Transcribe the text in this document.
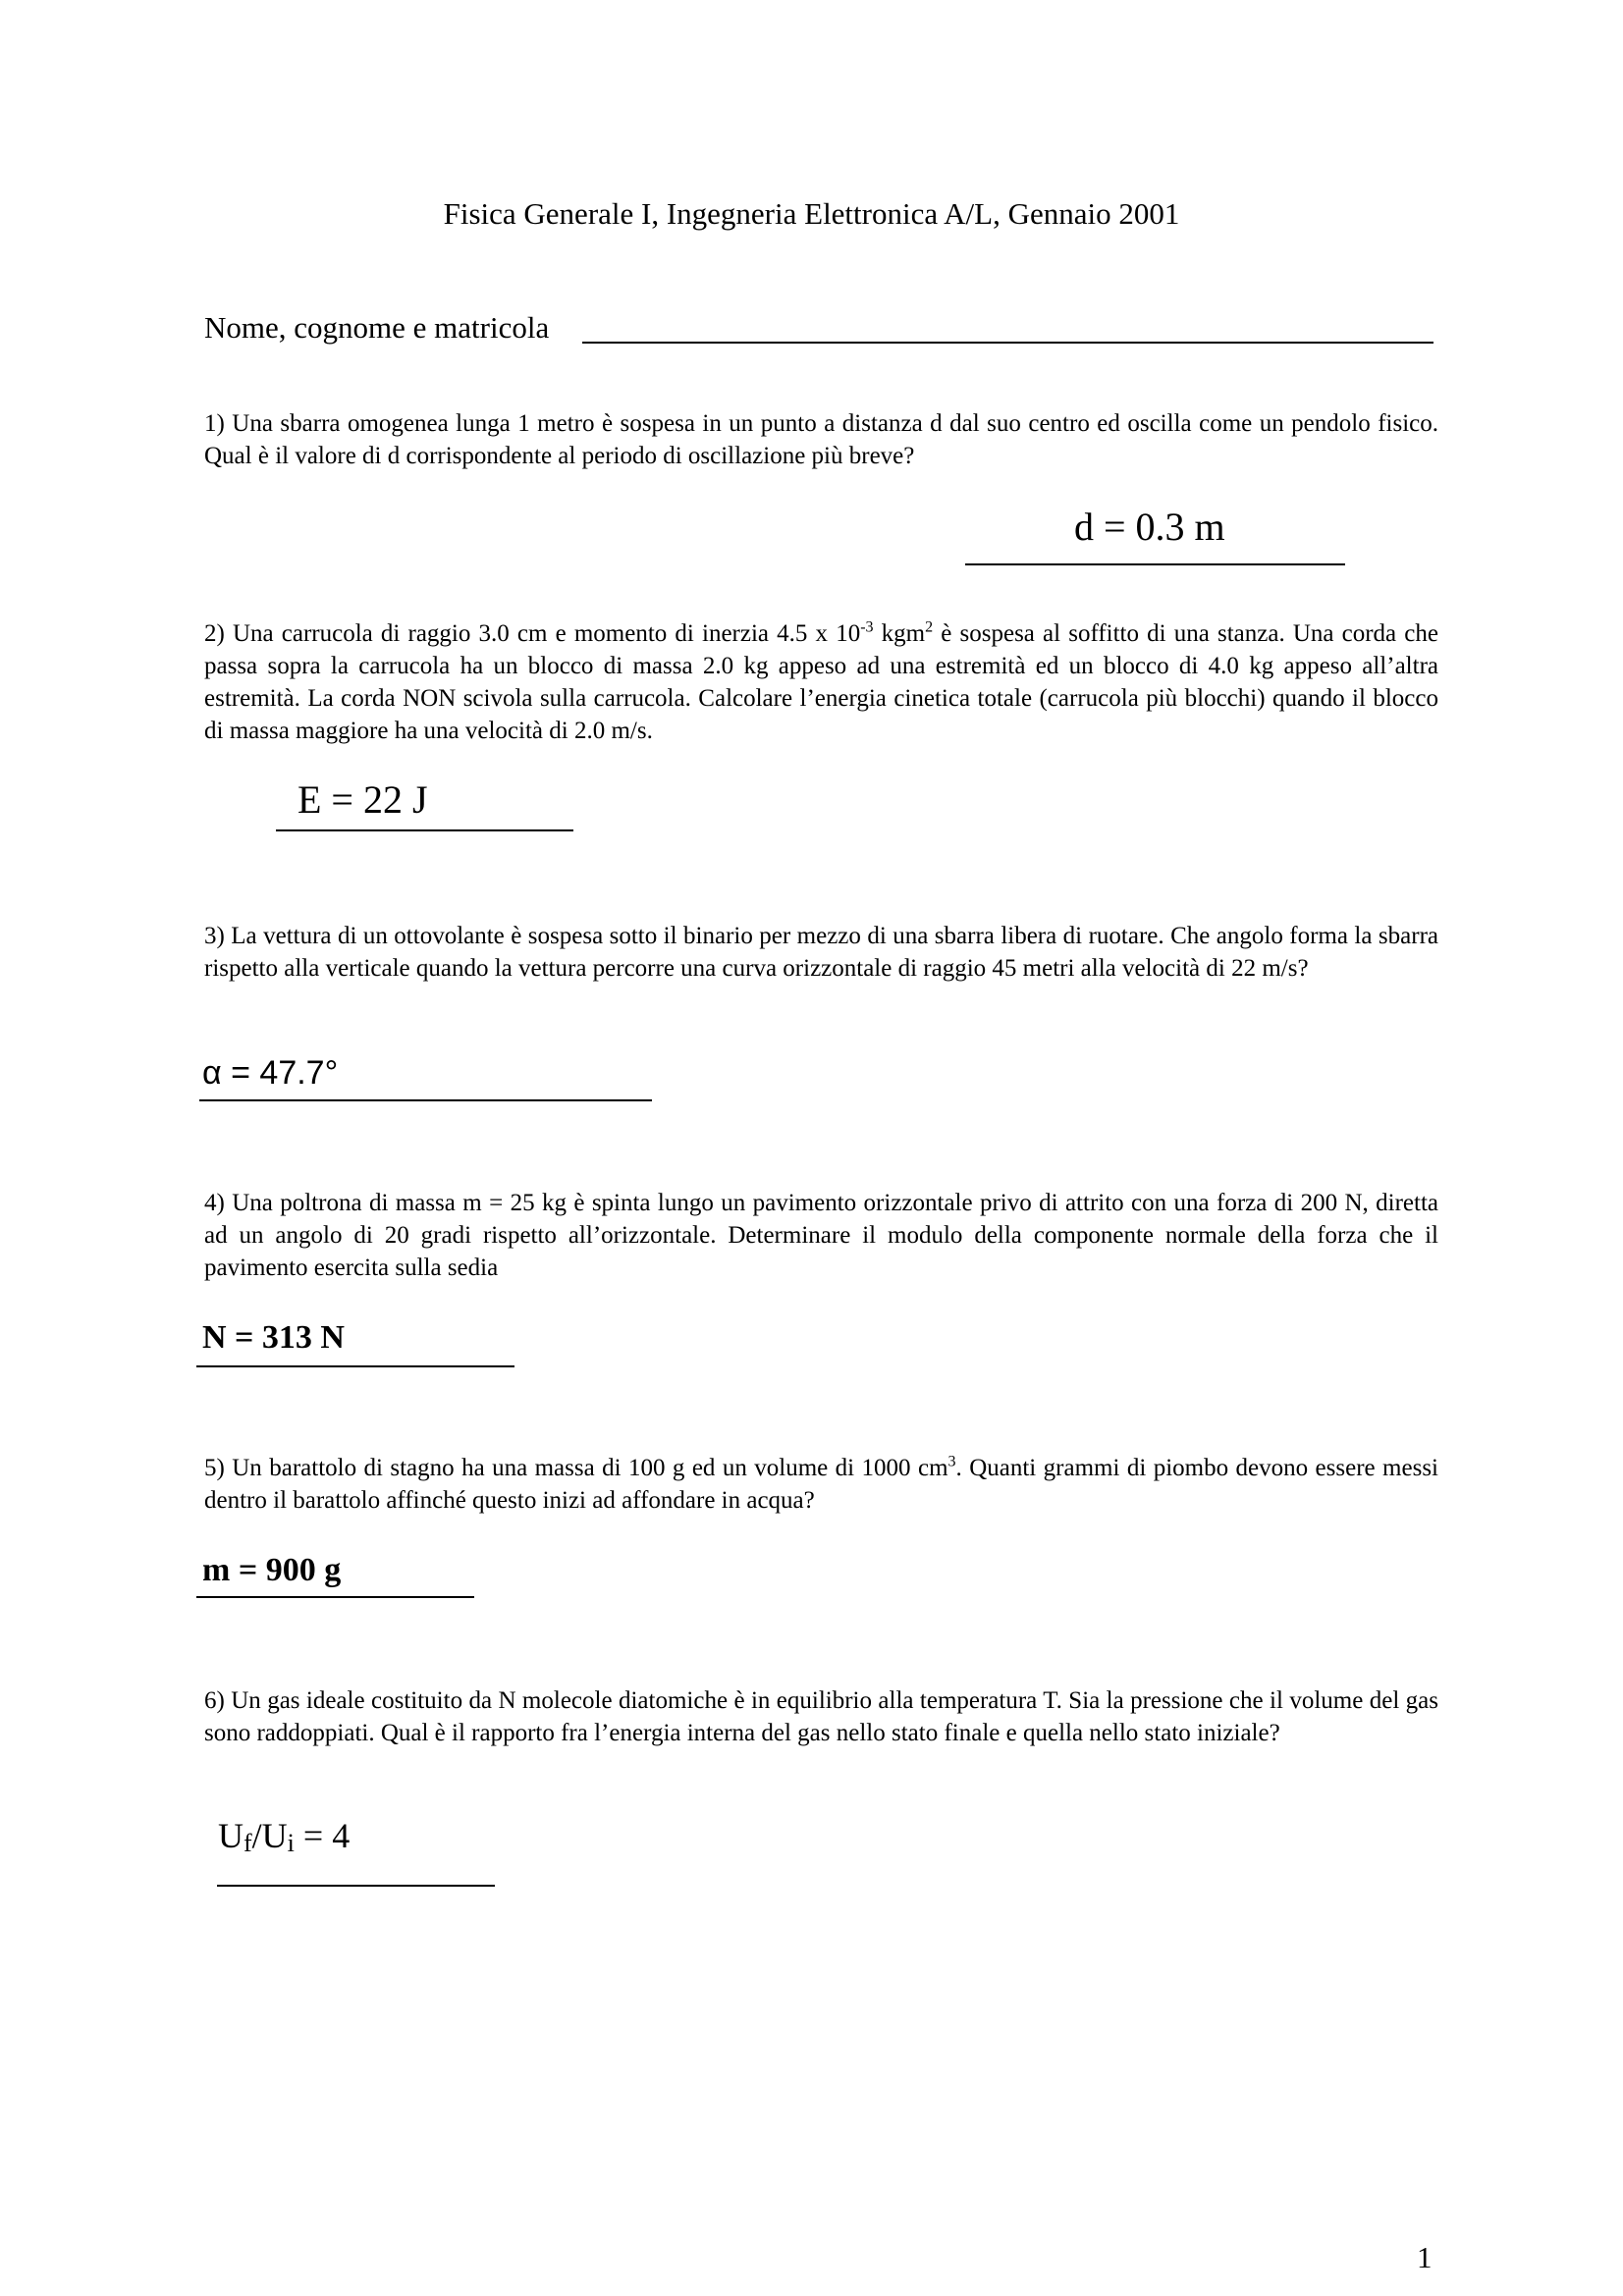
Fisica Generale I, Ingegneria Elettronica A/L, Gennaio 2001
Nome, cognome e matricola
1) Una sbarra omogenea lunga 1 metro è sospesa in un punto a distanza d dal suo centro ed oscilla come un pendolo fisico. Qual è il valore di d corrispondente al periodo di oscillazione più breve?
d = 0.3 m
2) Una carrucola di raggio 3.0 cm e momento di inerzia 4.5 x $10^{-3}$ kgm$^2$ è sospesa al soffitto di una stanza. Una corda che passa sopra la carrucola ha un blocco di massa 2.0 kg appeso ad una estremità ed un blocco di 4.0 kg appeso all’altra estremità. La corda NON scivola sulla carrucola. Calcolare l’energia cinetica totale (carrucola più blocchi) quando il blocco di massa maggiore ha una velocità di 2.0 m/s.
E = 22 J
3) La vettura di un ottovolante è sospesa sotto il binario per mezzo di una sbarra libera di ruotare. Che angolo forma la sbarra rispetto alla verticale quando la vettura percorre una curva orizzontale di raggio 45 metri alla velocità di 22 m/s?
α = 47.7°
4) Una poltrona di massa m = 25 kg è spinta lungo un pavimento orizzontale privo di attrito con una forza di 200 N, diretta ad un angolo di 20 gradi rispetto all’orizzontale. Determinare il modulo della componente normale della forza che il pavimento esercita sulla sedia
N = 313 N
5) Un barattolo di stagno ha una massa di 100 g ed un volume di 1000 $cm^3$. Quanti grammi di piombo devono essere messi dentro il barattolo affinché questo inizi ad affondare in acqua?
m = 900 g
6) Un gas ideale costituito da N molecole diatomiche è in equilibrio alla temperatura T. Sia la pressione che il volume del gas sono raddoppiati. Qual è il rapporto fra l’energia interna del gas nello stato finale e quella nello stato iniziale?
Uf/Ui = 4
1
